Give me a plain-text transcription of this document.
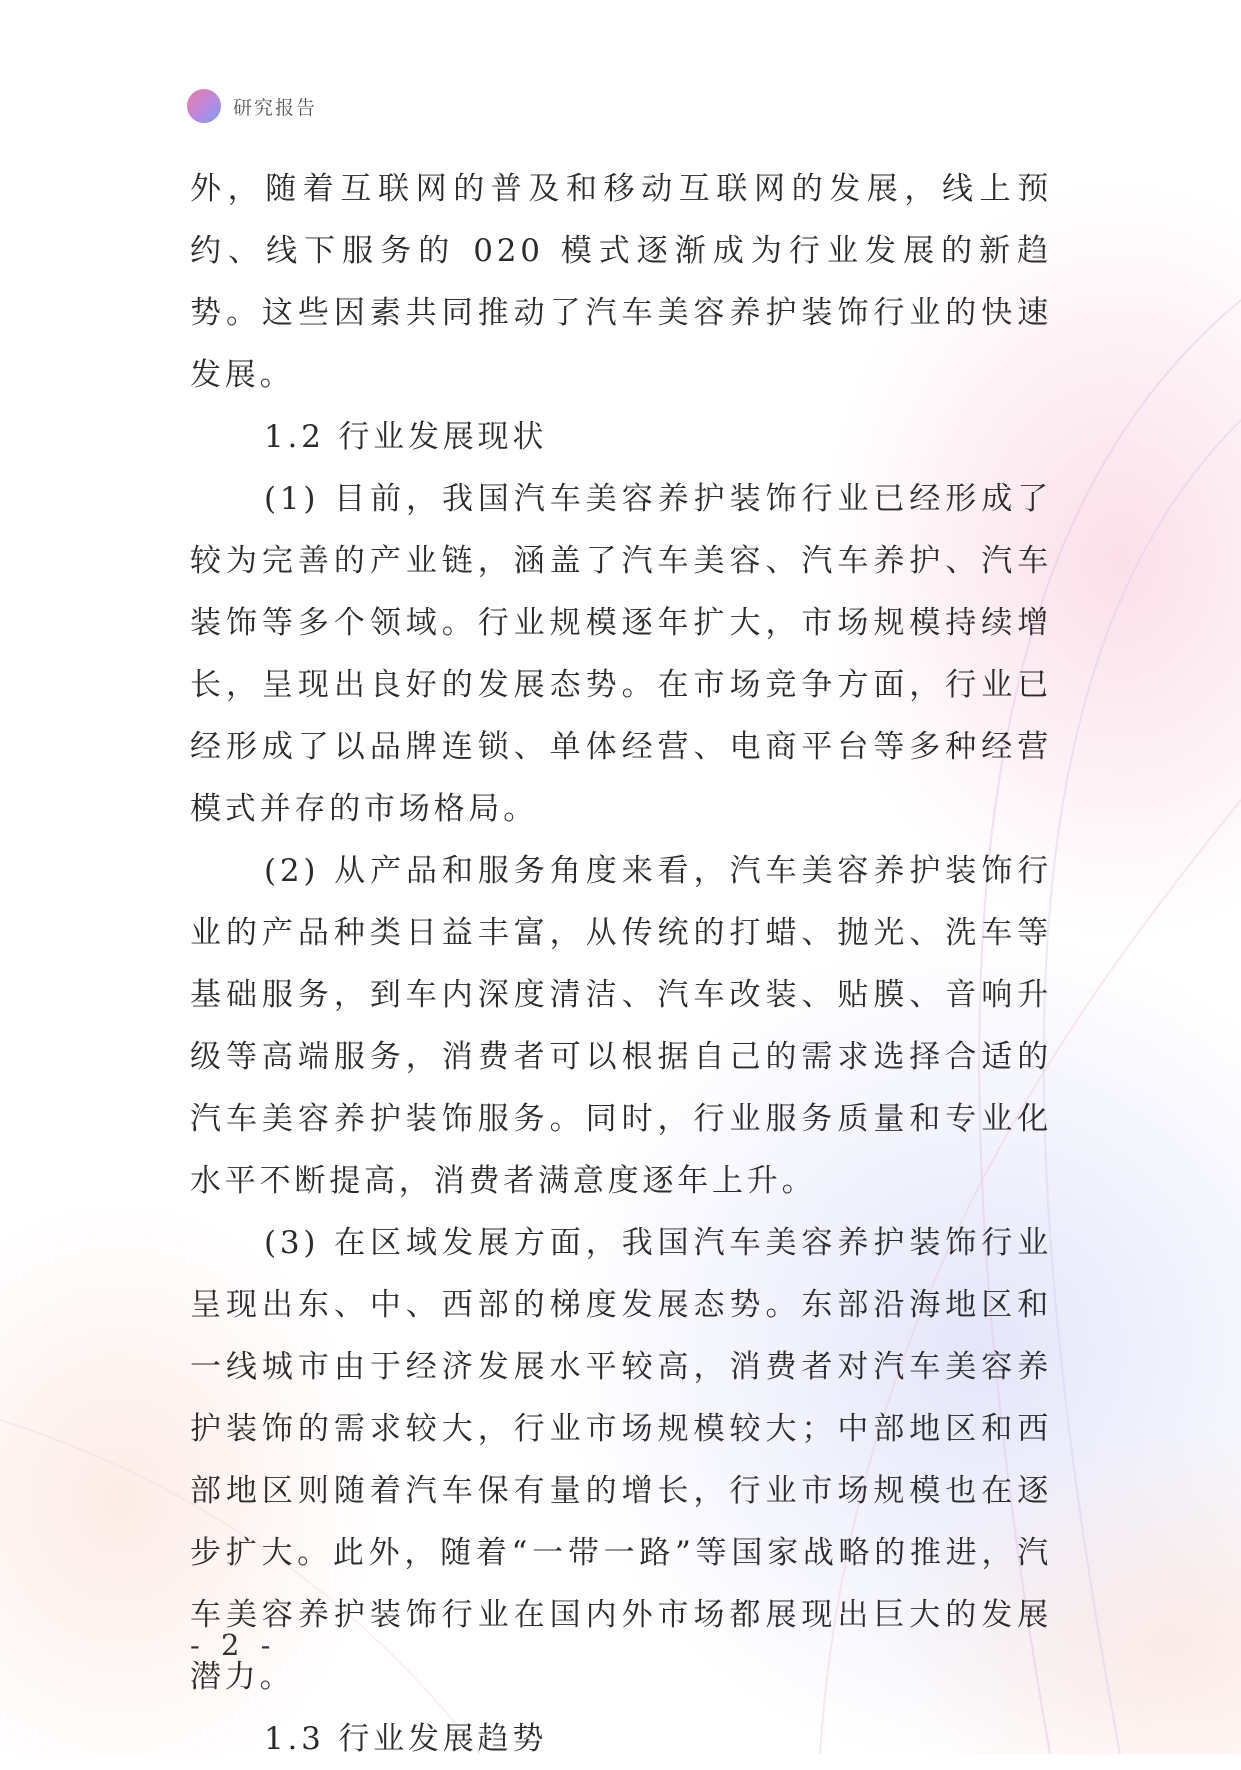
研究报告

外，随着互联网的普及和移动互联网的发展，线上预约、线下服务的 020 模式逐渐成为行业发展的新趋势。这些因素共同推动了汽车美容养护装饰行业的快速发展。

1.2 行业发展现状

(1) 目前，我国汽车美容养护装饰行业已经形成了较为完善的产业链，涵盖了汽车美容、汽车养护、汽车装饰等多个领域。行业规模逐年扩大，市场规模持续增长，呈现出良好的发展态势。在市场竞争方面，行业已经形成了以品牌连锁、单体经营、电商平台等多种经营模式并存的市场格局。

(2) 从产品和服务角度来看，汽车美容养护装饰行业的产品种类日益丰富，从传统的打蜡、抛光、洗车等基础服务，到车内深度清洁、汽车改装、贴膜、音响升级等高端服务，消费者可以根据自己的需求选择合适的汽车美容养护装饰服务。同时，行业服务质量和专业化水平不断提高，消费者满意度逐年上升。

(3) 在区域发展方面，我国汽车美容养护装饰行业呈现出东、中、西部的梯度发展态势。东部沿海地区和一线城市由于经济发展水平较高，消费者对汽车美容养护装饰的需求较大，行业市场规模较大；中部地区和西部地区则随着汽车保有量的增长，行业市场规模也在逐步扩大。此外，随着“一带一路”等国家战略的推进，汽车美容养护装饰行业在国内外市场都展现出巨大的发展潜力。

1.3 行业发展趋势

- 2 -
